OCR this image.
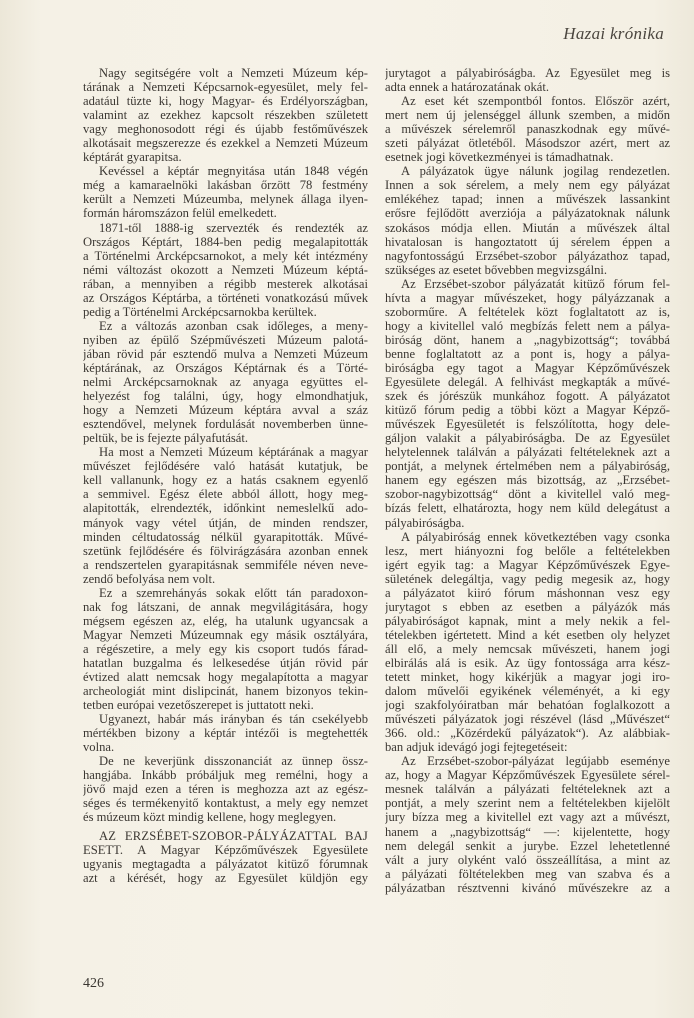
Hazai krónika
Nagy segitségére volt a Nemzeti Múzeum kép-
tárának a Nemzeti Képcsarnok-egyesület, mely fel-
adatául tüzte ki, hogy Magyar- és Erdélyországban,
valamint az ezekhez kapcsolt részekben született
vagy meghonosodott régi és újabb festőművészek
alkotásait megszerezze és ezekkel a Nemzeti Múzeum
képtárát gyarapitsa.
Kevéssel a képtár megnyitása után 1848 végén
még a kamaraelnöki lakásban őrzött 78 festmény
került a Nemzeti Múzeumba, melynek állaga ilyen-
formán háromszázon felül emelkedett.
1871-től 1888-ig szervezték és rendezték az
Országos Képtárt, 1884-ben pedig megalapitották
a Történelmi Arcképcsarnokot, a mely két intézmény
némi változást okozott a Nemzeti Múzeum képtá-
rában, a mennyiben a régibb mesterek alkotásai
az Országos Képtárba, a történeti vonatkozású művek
pedig a Történelmi Arcképcsarnokba kerültek.
Ez a változás azonban csak időleges, a meny-
nyiben az épülő Szépművészeti Múzeum palotá-
jában rövid pár esztendő mulva a Nemzeti Múzeum
képtárának, az Országos Képtárnak és a Törté-
nelmi Arcképcsarnoknak az anyaga együttes el-
helyezést fog találni, úgy, hogy elmondhatjuk,
hogy a Nemzeti Múzeum képtára avval a száz
esztendővel, melynek fordulását novemberben ünne-
peltük, be is fejezte pályafutását.
Ha most a Nemzeti Múzeum képtárának a magyar
művészet fejlődésére való hatását kutatjuk, be
kell vallanunk, hogy ez a hatás csaknem egyenlő
a semmivel. Egész élete abból állott, hogy meg-
alapitották, elrendezték, időnkint nemeslelkű ado-
mányok vagy vétel útján, de minden rendszer,
minden céltudatosság nélkül gyarapitották. Művé-
szetünk fejlődésére és fölvirágzására azonban ennek
a rendszertelen gyarapitásnak semmiféle néven neve-
zendő befolyása nem volt.
Ez a szemrehányás sokak előtt tán paradoxon-
nak fog látszani, de annak megvilágitására, hogy
mégsem egészen az, elég, ha utalunk ugyancsak a
Magyar Nemzeti Múzeumnak egy másik osztályára,
a régészetire, a mely egy kis csoport tudós fárad-
hatatlan buzgalma és lelkesedése útján rövid pár
évtized alatt nemcsak hogy megalapította a magyar
archeologiát mint dislipcinát, hanem bizonyos tekin-
tetben európai vezetőszerepet is juttatott neki.
Ugyanezt, habár más irányban és tán csekélyebb
mértékben bizony a képtár intézői is megtehették
volna.
De ne keverjünk disszonanciát az ünnep össz-
hangjába. Inkább próbáljuk meg remélni, hogy a
jövő majd ezen a téren is meghozza azt az egész-
séges és termékenyitő kontaktust, a mely egy nemzet
és múzeum közt mindig kellene, hogy meglegyen.
AZ ERZSÉBET-SZOBOR-PÁLYÁZATTAL BAJ
ESETT. A Magyar Képzőművészek Egyesülete
ugyanis megtagadta a pályázatot kitüző fórumnak
azt a kérését, hogy az Egyesület küldjön egy
jurytagot a pályabiróságba. Az Egyesület meg is
adta ennek a határozatának okát.
Az eset két szempontból fontos. Először azért,
mert nem új jelenséggel állunk szemben, a midőn
a művészek sérelemről panaszkodnak egy művé-
szeti pályázat ötletéből. Másodszor azért, mert az
esetnek jogi következményei is támadhatnak.
A pályázatok ügye nálunk jogilag rendezetlen.
Innen a sok sérelem, a mely nem egy pályázat
emlékéhez tapad; innen a művészek lassankint
erősre fejlődött averziója a pályázatoknak nálunk
szokásos módja ellen. Miután a művészek által
hivatalosan is hangoztatott új sérelem éppen a
nagyfontosságú Erzsébet-szobor pályázathoz tapad,
szükséges az esetet bővebben megvizsgálni.
Az Erzsébet-szobor pályázatát kitüző fórum fel-
hívta a magyar művészeket, hogy pályázzanak a
szoborműre. A feltételek közt foglaltatott az is,
hogy a kivitellel való megbízás felett nem a pálya-
biróság dönt, hanem a „nagybizottság“; továbbá
benne foglaltatott az a pont is, hogy a pálya-
biróságba egy tagot a Magyar Képzőművészek
Egyesülete delegál. A felhivást megkapták a művé-
szek és jórészük munkához fogott. A pályázatot
kitüző fórum pedig a többi közt a Magyar Képző-
művészek Egyesületét is felszólította, hogy dele-
gáljon valakit a pályabiróságba. De az Egyesület
helytelennek találván a pályázati feltételeknek azt a
pontját, a melynek értelmében nem a pályabiróság,
hanem egy egészen más bizottság, az „Erzsébet-
szobor-nagybizottság“ dönt a kivitellel való meg-
bízás felett, elhatározta, hogy nem küld delegátust a
pályabiróságba.
A pályabiróság ennek következtében vagy csonka
lesz, mert hiányozni fog belőle a feltételekben
igért egyik tag: a Magyar Képzőművészek Egye-
sületének delegáltja, vagy pedig megesik az, hogy
a pályázatot kiiró fórum máshonnan vesz egy
jurytagot s ebben az esetben a pályázók más
pályabiróságot kapnak, mint a mely nekik a fel-
tételekben igértetett. Mind a két esetben oly helyzet
áll elő, a mely nemcsak művészeti, hanem jogi
elbirálás alá is esik. Az ügy fontossága arra kész-
tetett minket, hogy kikérjük a magyar jogi iro-
dalom művelői egyikének véleményét, a ki egy
jogi szakfolyóiratban már behatóan foglalkozott a
művészeti pályázatok jogi részével (lásd „Művészet“
366. old.: „Közérdekű pályázatok“). Az alábbiak-
ban adjuk idevágó jogi fejtegetéseit:
Az Erzsébet-szobor-pályázat legújabb eseménye
az, hogy a Magyar Képzőművészek Egyesülete sérel-
mesnek találván a pályázati feltételeknek azt a
pontját, a mely szerint nem a feltételekben kijelölt
jury bízza meg a kivitellel ezt vagy azt a művészt,
hanem a „nagybizottság“ —: kijelentette, hogy
nem delegál senkit a jurybe. Ezzel lehetetlenné
vált a jury olyként való összeállítása, a mint az
a pályázati föltételekben meg van szabva és a
pályázatban résztvenni kivánó művészekre az a
426
